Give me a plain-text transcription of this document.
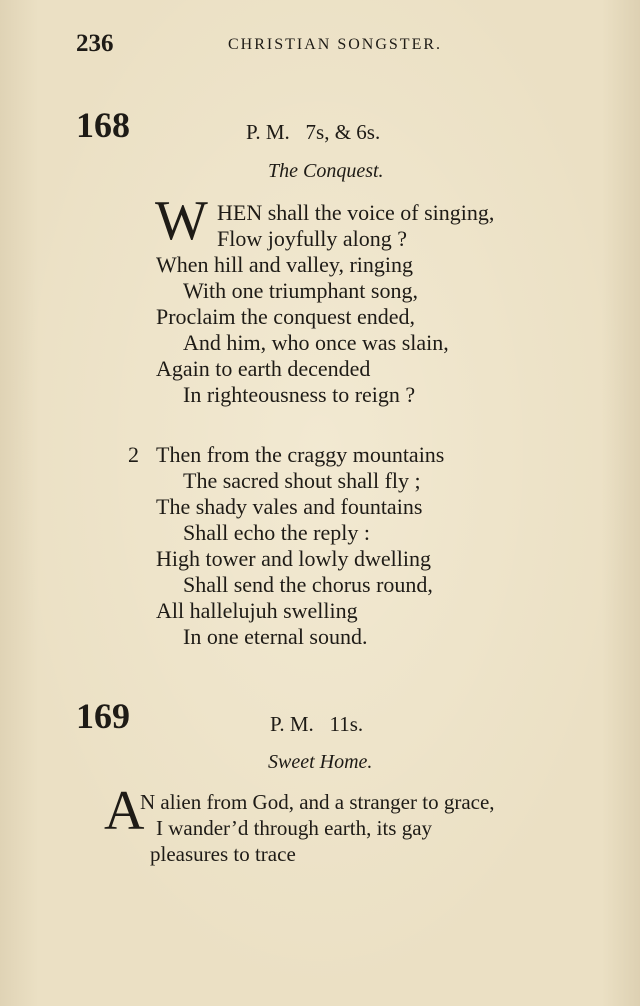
236	CHRISTIAN SONGSTER.
168	P. M.   7s, & 6s.
The Conquest.
W HEN shall the voice of singing,
Flow joyfully along ?
When hill and valley, ringing
With one triumphant song,
Proclaim the conquest ended,
And him, who once was slain,
Again to earth decended
In righteousness to reign ?
2 Then from the craggy mountains
The sacred shout shall fly ;
The shady vales and fountains
Shall echo the reply :
High tower and lowly dwelling
Shall send the chorus round,
All hallelujuh swelling
In one eternal sound.
169	P. M.   11s.
Sweet Home.
A
N alien from God, and a stranger to grace,
I wander’d through earth, its gay
pleasures to trace
